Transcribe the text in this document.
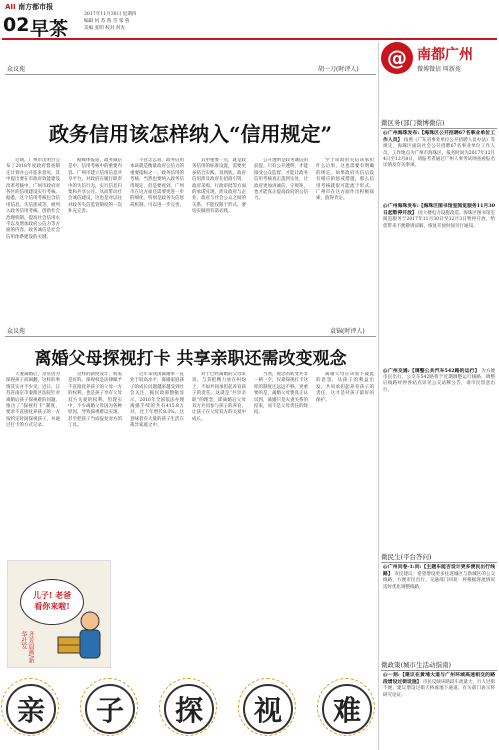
AII 南方都市报
02 早茶
2017年11月30日 星期四
编辑 何 苏 鲁 雪 邹 鲁
美编 张明 校对 何先
众议苑	胡一刀(时评人)
政务信用该怎样纳入“信用规定”
近期，广州市出明台公布了2018年度政府督查制定计划并公开征求意见，其中提出要在市政府效能建设改革考核中，广州市政府对各区的信用建设实行考核。据悉，这个信用考核包含信用信息、失信惩戒等，被列入政务信用考核。创新社会治理机制，提高社会信用水平以及增加政府公信力等方面的内容。政务诚信是社会信用体系建设的关键。
据媒体报道，政务诚信是中、信用考核中的重要内容。广州市建立信用信息共享平台，对政府在履行职责中的失信行为，实行信息归集和共享公开。从而带动社会诚信建设，这也是对以往对政务失信监管制度的一次补充完善。
不管怎么说，政务信用本该就是衡量政府公信力的重要指标之一。政务信用的考核，当然也要纳入政务信用规定，但是要看到，广州市在这方面还需要更进一步的细化，特别是政务失信惩戒机制，可以进一步完善。
其中重要一点，就是政务信用的标准设置，需要更多结合实践。说到底，政府信用涉及政府在招商引资、政府采购、行政审批等方面的承诺兑现，涉及政府与企业、政府与社会公众之间的关系，不能仅限于形式，要切实做到有诺必践。
公开透明是政务诚信的前提。只有公开透明，才能接受公众监督，才能让政务信用考核真正落到实处，让政府更加讲诚信、守规矩，也才能真正提高政府的公信力。
至于说政府失信该承担什么后果，这也需要有明确的规定。如果政府失信后没有相应的惩戒措施，那么信用考核就很可能流于形式。广州市在这方面作出积极探索，值得肯定。
众议苑	袁锦(时评人)
离婚父母探视打卡 共享亲职还需改变观念
天妻离婚后，常常因为探视孩子而闹翻，这样的事情其实并不少见。近日，江苏省南京市秦淮区法院针对离婚后孩子探视难的问题，推出了“探视打卡”制度，要求不直接抚养孩子的一方按约定时间探视孩子，并通过打卡的方式记录。
这样的制度设计，初衷是好的。探视权是法律赋予不直接抚养孩子的父母一方的权利，也是孩子享有父母双方关爱的权利。但现实中，不少离婚父母因为各种原因，导致探视难以实现，甚至把孩子当成报复对方的工具。
近年来我国离婚率一直处于较高水平，离婚家庭孩子的成长问题越来越受到社会关注。据民政部数据显示，2016年全国依法办理离婚手续的共有415.8万对，比上年增长8.3%，这意味着有大量的孩子生活在离异家庭之中。
对于已经离婚的父母来说，与其把精力放在纠纷上，不如共同承担起养育孩子的责任。这就是“共享亲职”的理念，即离婚后父母双方共同参与孩子的养育，让孩子在父母双方的关爱中成长。
当然，观念的转变并非一朝一夕，仅靠探视打卡这样的制度还远远不够。更重要的是，离婚父母要真正认识到，离婚只是夫妻关系的结束，而不是父母责任的终结。
离婚父母应该放下彼此的恩怨，从孩子的利益出发，共同承担起养育孩子的责任，这才是对孩子最好的保护。
儿子! 老爸
看你来啦!
齐芳晨画/新华社发
亲	子	探	视	难
@ 南都广州
微博微信 叫新苑
微区务(部门微博微信)
@广州海珠发布:【海珠区公开招聘67名事业单位工作人员】 按照《广东省事业单位公开招聘人员办法》等规定，海珠区面向社会公开招聘67名事业单位工作人员，工作地点为广州市海珠区。报名时间为2017年12月4日至12月8日，请报考者通过广州人事考试网查看报名详情及有关事项。
@广州海珠发布:【海珠区图书馆室阅览服务11月30日起暂停开放】 因大楼电力设施改造，海珠区图书馆室阅览服务于2017年11月30日至12月3日暂停开放，给您带来不便敬请谅解，恢复开放时间另行通知。
@广州交通:【调整公共汽车542路的运行】 为方便市民出行，公交车542路将于近期调整运行线路，调整后线路经停各站点详见公交站牌公告，请市民留意出行。
微民生(平台答问)
@广州问卷-1:问:【主题车能否设计更多便民出行线路】 市民建议：希望增设更多往返城区与新城区的公交线路，方便市民出行。交通部门回复：将根据客流情况适时优化调整线路。
微政策(城市生活动指南)
@一刻:【建议在黄埔大道与广州环城高速相交的路段增设过街设施】 市民反映该路段车流量大，行人过街不便，建议增设过街天桥或地下通道。有关部门表示将研究论证。
